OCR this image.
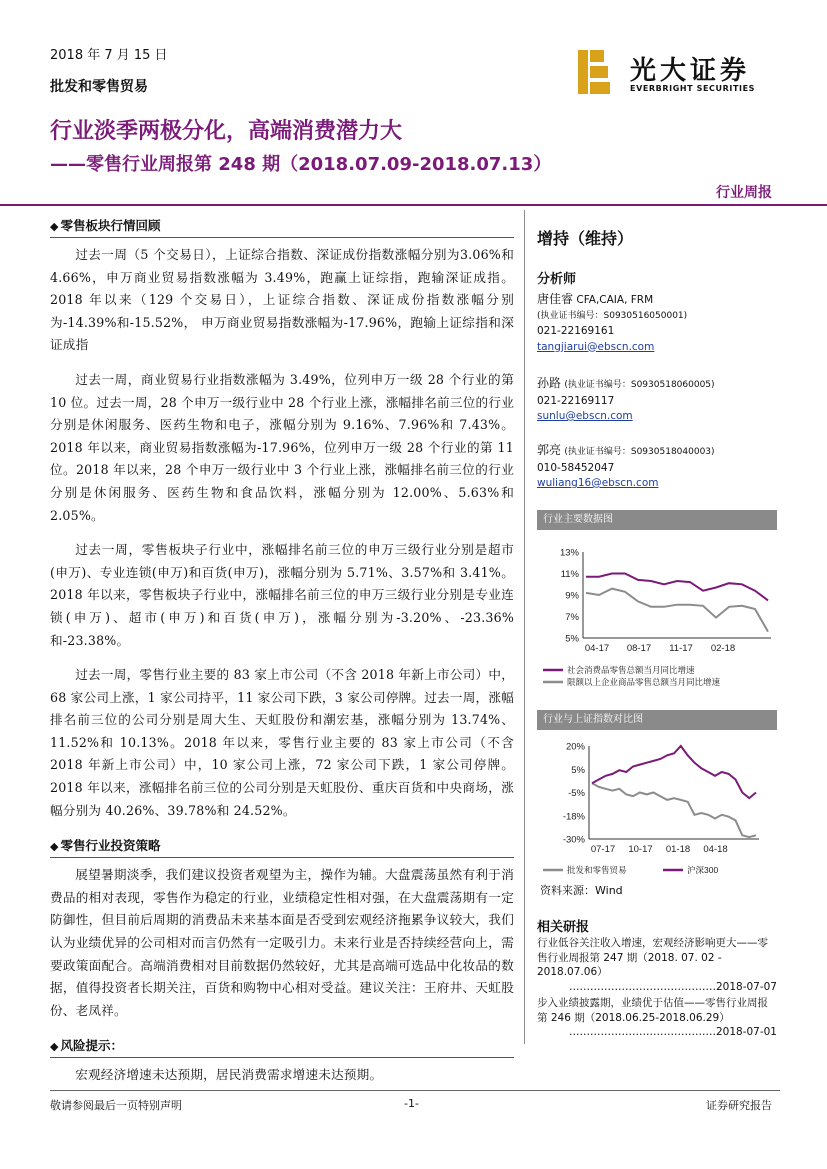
2018 年 7 月 15 日
批发和零售贸易
光大证券
EVERBRIGHT SECURITIES
行业淡季两极分化，高端消费潜力大
——零售行业周报第 248 期（2018.07.09-2018.07.13）
行业周报
◆ 零售板块行情回顾

过去一周（5 个交易日），上证综合指数、深证成份指数涨幅分别为3.06%和 4.66%，申万商业贸易指数涨幅为 3.49%，跑赢上证综指，跑输深证成指。2018 年以来（129 个交易日），上证综合指数、深证成份指数涨幅分别为-14.39%和-15.52%， 申万商业贸易指数涨幅为-17.96%，跑输上证综指和深证成指

过去一周，商业贸易行业指数涨幅为 3.49%，位列申万一级 28 个行业的第 10 位。过去一周，28 个申万一级行业中 28 个行业上涨，涨幅排名前三位的行业分别是休闲服务、医药生物和电子，涨幅分别为 9.16%、7.96%和 7.43%。2018 年以来，商业贸易指数涨幅为-17.96%，位列申万一级 28 个行业的第 11 位。2018 年以来，28 个申万一级行业中 3 个行业上涨，涨幅排名前三位的行业分别是休闲服务、医药生物和食品饮料，涨幅分别为 12.00%、5.63%和 2.05%。

过去一周，零售板块子行业中，涨幅排名前三位的申万三级行业分别是超市(申万)、专业连锁(申万)和百货(申万)，涨幅分别为 5.71%、3.57%和 3.41%。2018 年以来，零售板块子行业中，涨幅排名前三位的申万三级行业分别是专业连锁(申万)、超市(申万)和百货(申万)，涨幅分别为-3.20%、-23.36%和-23.38%。

过去一周，零售行业主要的 83 家上市公司（不含 2018 年新上市公司）中，68 家公司上涨，1 家公司持平，11 家公司下跌，3 家公司停牌。过去一周，涨幅排名前三位的公司分别是周大生、天虹股份和潮宏基，涨幅分别为 13.74%、11.52%和 10.13%。2018 年以来，零售行业主要的 83 家上市公司（不含 2018 年新上市公司）中，10 家公司上涨，72 家公司下跌，1 家公司停牌。2018 年以来，涨幅排名前三位的公司分别是天虹股份、重庆百货和中央商场，涨幅分别为 40.26%、39.78%和 24.52%。

◆ 零售行业投资策略

展望暑期淡季，我们建议投资者观望为主，操作为辅。大盘震荡虽然有利于消费品的相对表现，零售作为稳定的行业，业绩稳定性相对强，在大盘震荡期有一定防御性，但目前后周期的消费品未来基本面是否受到宏观经济拖累争议较大，我们认为业绩优异的公司相对而言仍然有一定吸引力。未来行业是否持续经营向上，需要政策面配合。高端消费相对目前数据仍然较好，尤其是高端可选品中化妆品的数据，值得投资者长期关注，百货和购物中心相对受益。建议关注：王府井、天虹股份、老凤祥。

◆ 风险提示：

宏观经济增速未达预期，居民消费需求增速未达预期。

增持（维持）
分析师
唐佳睿 CFA,CAIA, FRM
(执业证书编号：S0930516050001)
021-22169161
tangjiarui@ebscn.com
孙路 (执业证书编号：S0930518060005)
021-22169117
sunlu@ebscn.com
郭亮 (执业证书编号：S0930518040003)
010-58452047
wuliang16@ebscn.com
行业主要数据图
13%
11%
9%
7%
5%
04-17 08-17 11-17 02-18
社会消费品零售总额当月同比增速
限额以上企业商品零售总额当月同比增速
行业与上证指数对比图
20%
5%
-5%
-18%
-30%
07-17 10-17 01-18 04-18
批发和零售贸易	沪深300
资料来源：Wind
相关研报
行业低谷关注收入增速，宏观经济影响更大——零售行业周报第 247 期（2018. 07. 02 - 2018.07.06）
……………………………………2018-07-07
步入业绩披露期，业绩优于估值——零售行业周报第 246 期（2018.06.25-2018.06.29）
……………………………………2018-07-01
敬请参阅最后一页特别声明	-1-	证券研究报告
